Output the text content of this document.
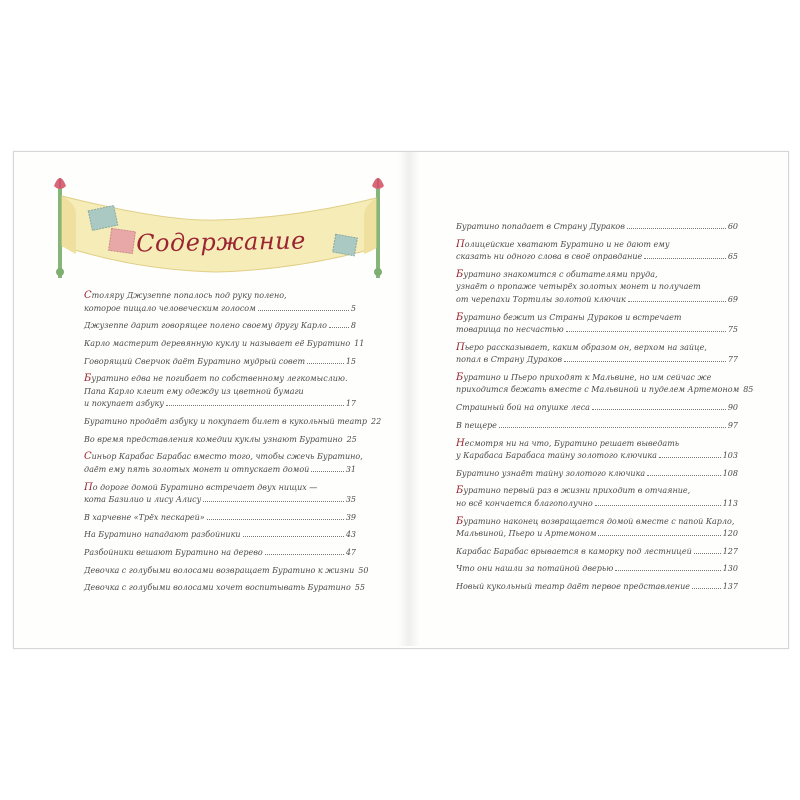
Содержание
Столяру Джузеппе попалось под руку полено,
которое пищало человеческим голосом	5
Джузеппе дарит говорящее полено своему другу Карло	8
Карло мастерит деревянную куклу и называет её Буратино 11
Говорящий Сверчок даёт Буратино мудрый совет	15
Буратино едва не погибает по собственному легкомыслию.
Папа Карло клеит ему одежду из цветной бумаги
и покупает азбуку	17
Буратино продаёт азбуку и покупает билет в кукольный театр 22
Во время представления комедии куклы узнают Буратино 25
Синьор Карабас Барабас вместо того, чтобы сжечь Буратино,
даёт ему пять золотых монет и отпускает домой	31
По дороге домой Буратино встречает двух нищих —
кота Базилио и лису Алису	35
В харчевне «Трёх пескарей»	39
На Буратино нападают разбойники	43
Разбойники вешают Буратино на дерево	47
Девочка с голубыми волосами возвращает Буратино к жизни 50
Девочка с голубыми волосами хочет воспитывать Буратино 55
Буратино попадает в Страну Дураков	60
Полицейские хватают Буратино и не дают ему
сказать ни одного слова в своё оправдание	65
Буратино знакомится с обитателями пруда,
узнаёт о пропаже четырёх золотых монет и получает
от черепахи Тортилы золотой ключик	69
Буратино бежит из Страны Дураков и встречает
товарища по несчастью	75
Пьеро рассказывает, каким образом он, верхом на зайце,
попал в Страну Дураков	77
Буратино и Пьеро приходят к Мальвине, но им сейчас же
приходится бежать вместе с Мальвиной и пуделем Артемоном 85
Страшный бой на опушке леса	90
В пещере	97
Несмотря ни на что, Буратино решает выведать
у Карабаса Барабаса тайну золотого ключика	103
Буратино узнаёт тайну золотого ключика	108
Буратино первый раз в жизни приходит в отчаяние,
но всё кончается благополучно	113
Буратино наконец возвращается домой вместе с папой Карло,
Мальвиной, Пьеро и Артемоном	120
Карабас Барабас врывается в каморку под лестницей	127
Что они нашли за потайной дверью	130
Новый кукольный театр даёт первое представление	137
